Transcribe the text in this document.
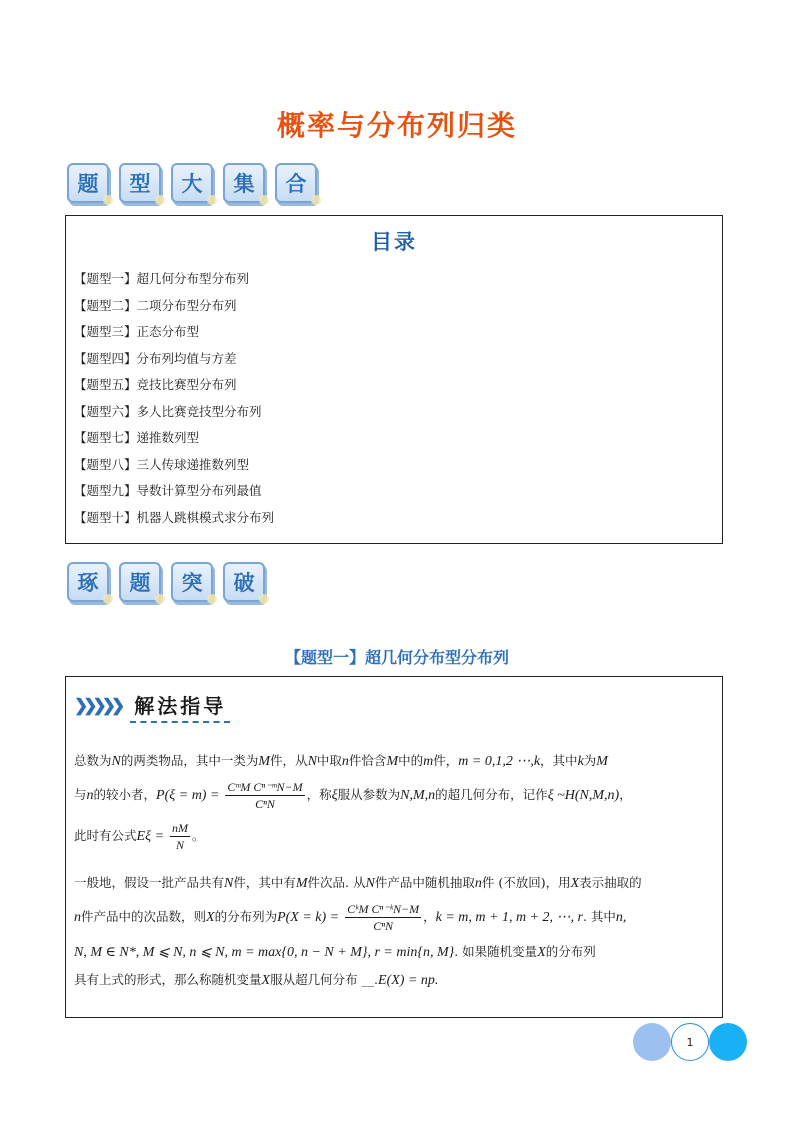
概率与分布列归类
题	型	大	集	合
目录
【题型一】超几何分布型分布列
【题型二】二项分布型分布列
【题型三】正态分布型
【题型四】分布列均值与方差
【题型五】竞技比赛型分布列
【题型六】多人比赛竞技型分布列
【题型七】递推数列型
【题型八】三人传球递推数列型
【题型九】导数计算型分布列最值
【题型十】机器人跳棋模式求分布列
琢	题	突	破
【题型一】超几何分布型分布列
❯❯❯❯❯ 解法指导

总数为N的两类物品，其中一类为M件，从N中取n件恰含M中的m件，m = 0,1,2 ⋯,k，其中k为M

与n的较小者，$P(\xi = m) = \frac{\text{CᵐM Cⁿ⁻ᵐN−M}}{\text{CⁿN}}$ ，称ξ服从参数为N,M,n的超几何分布，记作ξ ~H(N,M,n)，

此时有公式$E\xi = \frac{nM}{N}$ 。

一般地，假设一批产品共有N件，其中有M件次品. 从N件产品中随机抽取n件 (不放回)，用X表示抽取的

n件产品中的次品数，则X的分布列为$P(X = k) = \frac{\text{CᵏM Cⁿ⁻ᵏN−M}}{\text{CⁿN}}$ ，k = m, m + 1, m + 2, ⋯, r. 其中n,

N, M ∈ N*, M ⩽ N, n ⩽ N, m = max{0, n − N + M}, r = min{n, M}. 如果随机变量X的分布列

具有上式的形式，那么称随机变量X服从超几何分布 __.E(X) = np.

1
